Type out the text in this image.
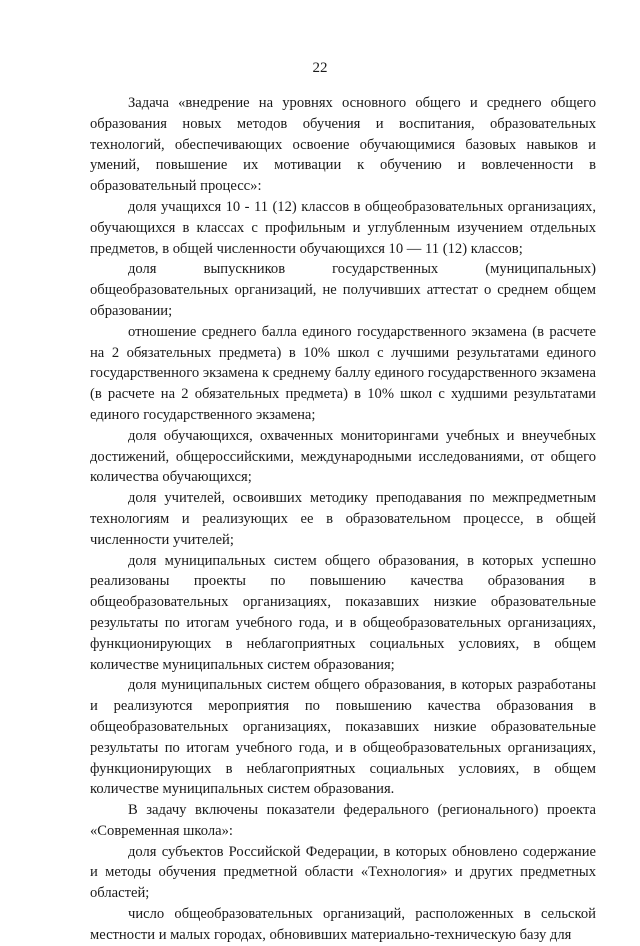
22

Задача «внедрение на уровнях основного общего и среднего общего образования новых методов обучения и воспитания, образовательных технологий, обеспечивающих освоение обучающимися базовых навыков и умений, повышение их мотивации к обучению и вовлеченности в образовательный процесс»:

доля учащихся 10 - 11 (12) классов в общеобразовательных организациях, обучающихся в классах с профильным и углубленным изучением отдельных предметов, в общей численности обучающихся 10 — 11 (12) классов;

доля выпускников государственных (муниципальных) общеобразовательных организаций, не получивших аттестат о среднем общем образовании;

отношение среднего балла единого государственного экзамена (в расчете на 2 обязательных предмета) в 10% школ с лучшими результатами единого государственного экзамена к среднему баллу единого государственного экзамена (в расчете на 2 обязательных предмета) в 10% школ с худшими результатами единого государственного экзамена;

доля обучающихся, охваченных мониторингами учебных и внеучебных достижений, общероссийскими, международными исследованиями, от общего количества обучающихся;

доля учителей, освоивших методику преподавания по межпредметным технологиям и реализующих ее в образовательном процессе, в общей численности учителей;

доля муниципальных систем общего образования, в которых успешно реализованы проекты по повышению качества образования в общеобразовательных организациях, показавших низкие образовательные результаты по итогам учебного года, и в общеобразовательных организациях, функционирующих в неблагоприятных социальных условиях, в общем количестве муниципальных систем образования;

доля муниципальных систем общего образования, в которых разработаны и реализуются мероприятия по повышению качества образования в общеобразовательных организациях, показавших низкие образовательные результаты по итогам учебного года, и в общеобразовательных организациях, функционирующих в неблагоприятных социальных условиях, в общем количестве муниципальных систем образования.

В задачу включены показатели федерального (регионального) проекта «Современная школа»:

доля субъектов Российской Федерации, в которых обновлено содержание и методы обучения предметной области «Технология» и других предметных областей;

число общеобразовательных организаций, расположенных в сельской местности и малых городах, обновивших материально-техническую базу для
